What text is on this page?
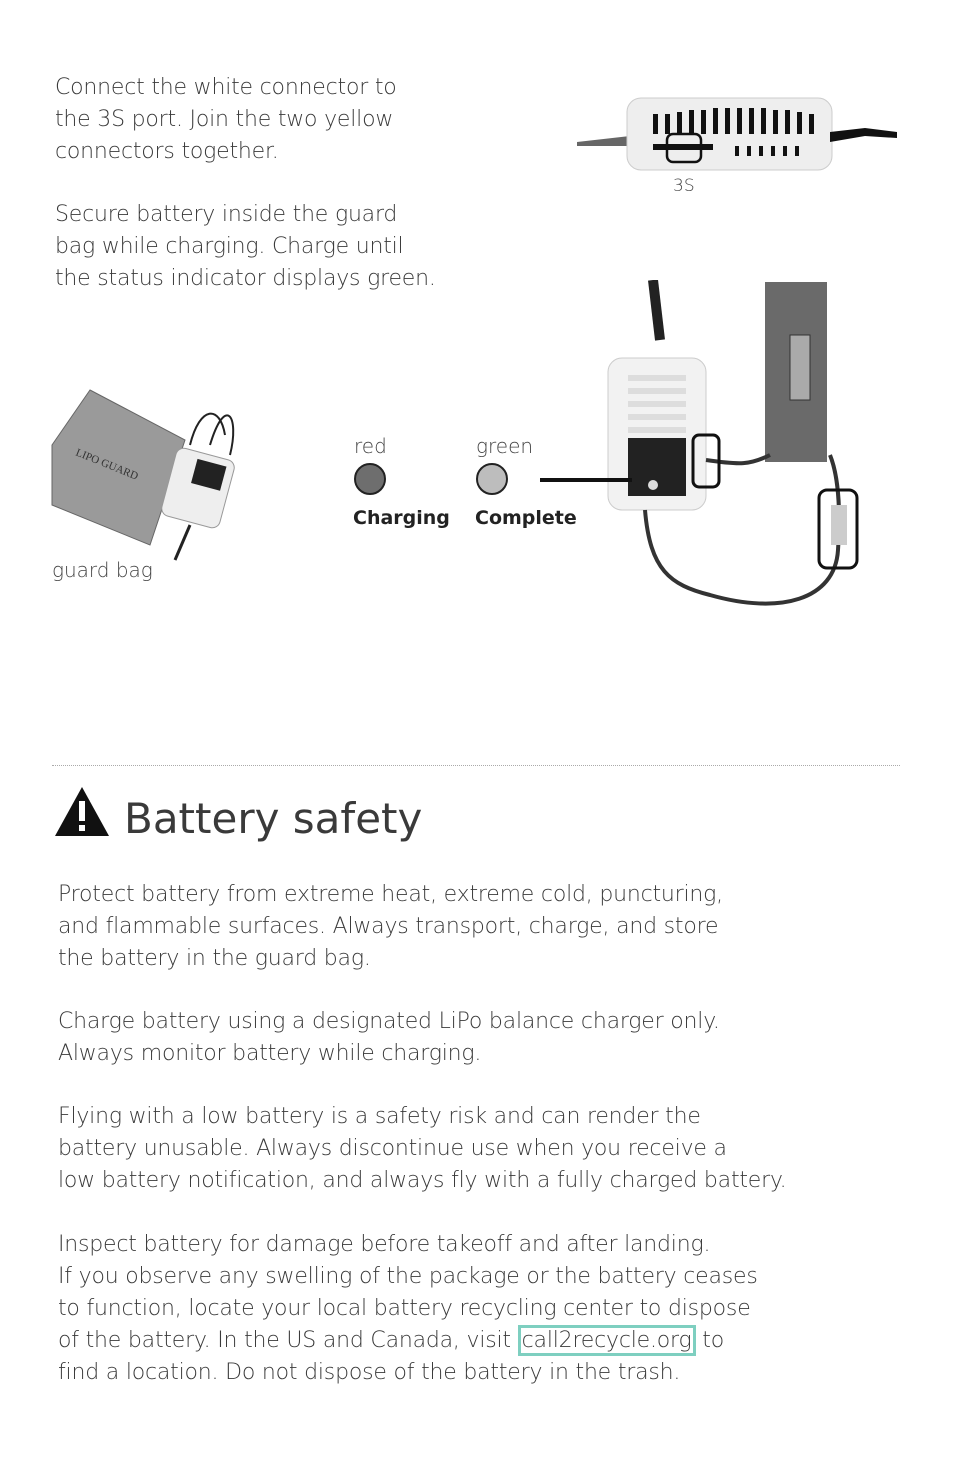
Connect the white connector to
the 3S port. Join the two yellow
connectors together.
Secure battery inside the guard
bag while charging. Charge until
the status indicator displays green.
3S
LIPO GUARD
guard bag
red
Charging
green
Complete
Battery safety
Protect battery from extreme heat, extreme cold, puncturing,
and flammable surfaces. Always transport, charge, and store
the battery in the guard bag.
Charge battery using a designated LiPo balance charger only.
Always monitor battery while charging.
Flying with a low battery is a safety risk and can render the
battery unusable. Always discontinue use when you receive a
low battery notification, and always fly with a fully charged battery.
Inspect battery for damage before takeoff and after landing.
If you observe any swelling of the package or the battery ceases
to function, locate your local battery recycling center to dispose
of the battery. In the US and Canada, visit call2recycle.org to
find a location. Do not dispose of the battery in the trash.
